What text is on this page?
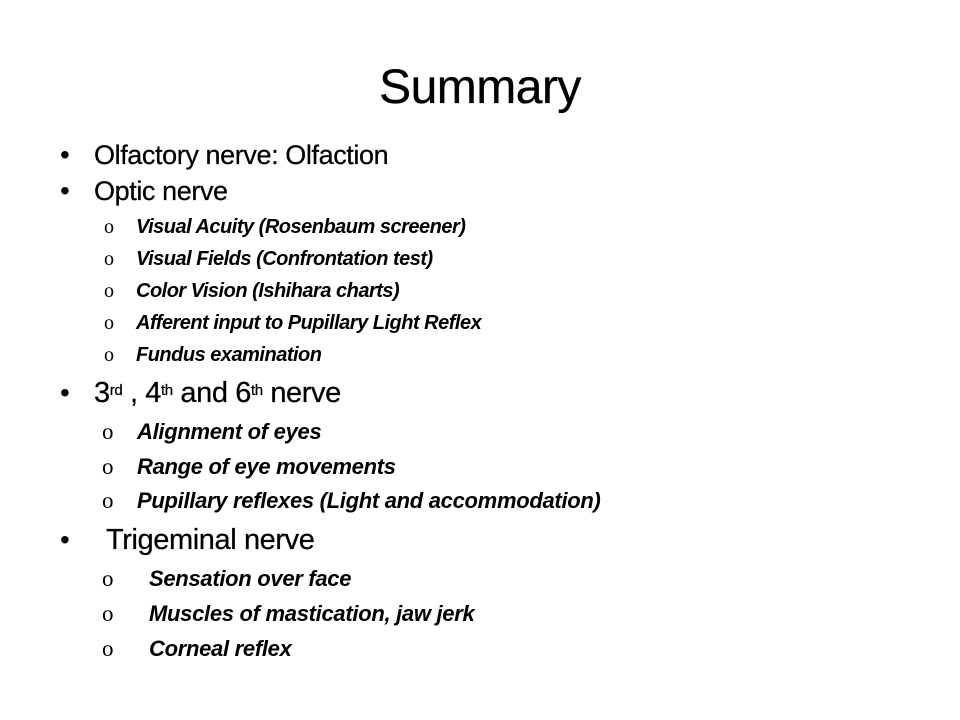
Summary
• Olfactory nerve: Olfaction
• Optic nerve
o Visual Acuity (Rosenbaum screener)
o Visual Fields (Confrontation test)
o Color Vision (Ishihara charts)
o Afferent input to Pupillary Light Reflex
o Fundus examination
• 3rd , 4th and 6th nerve
o Alignment of eyes
o Range of eye movements
o Pupillary reflexes (Light and accommodation)
• Trigeminal nerve
o Sensation over face
o Muscles of mastication, jaw jerk
o Corneal reflex
